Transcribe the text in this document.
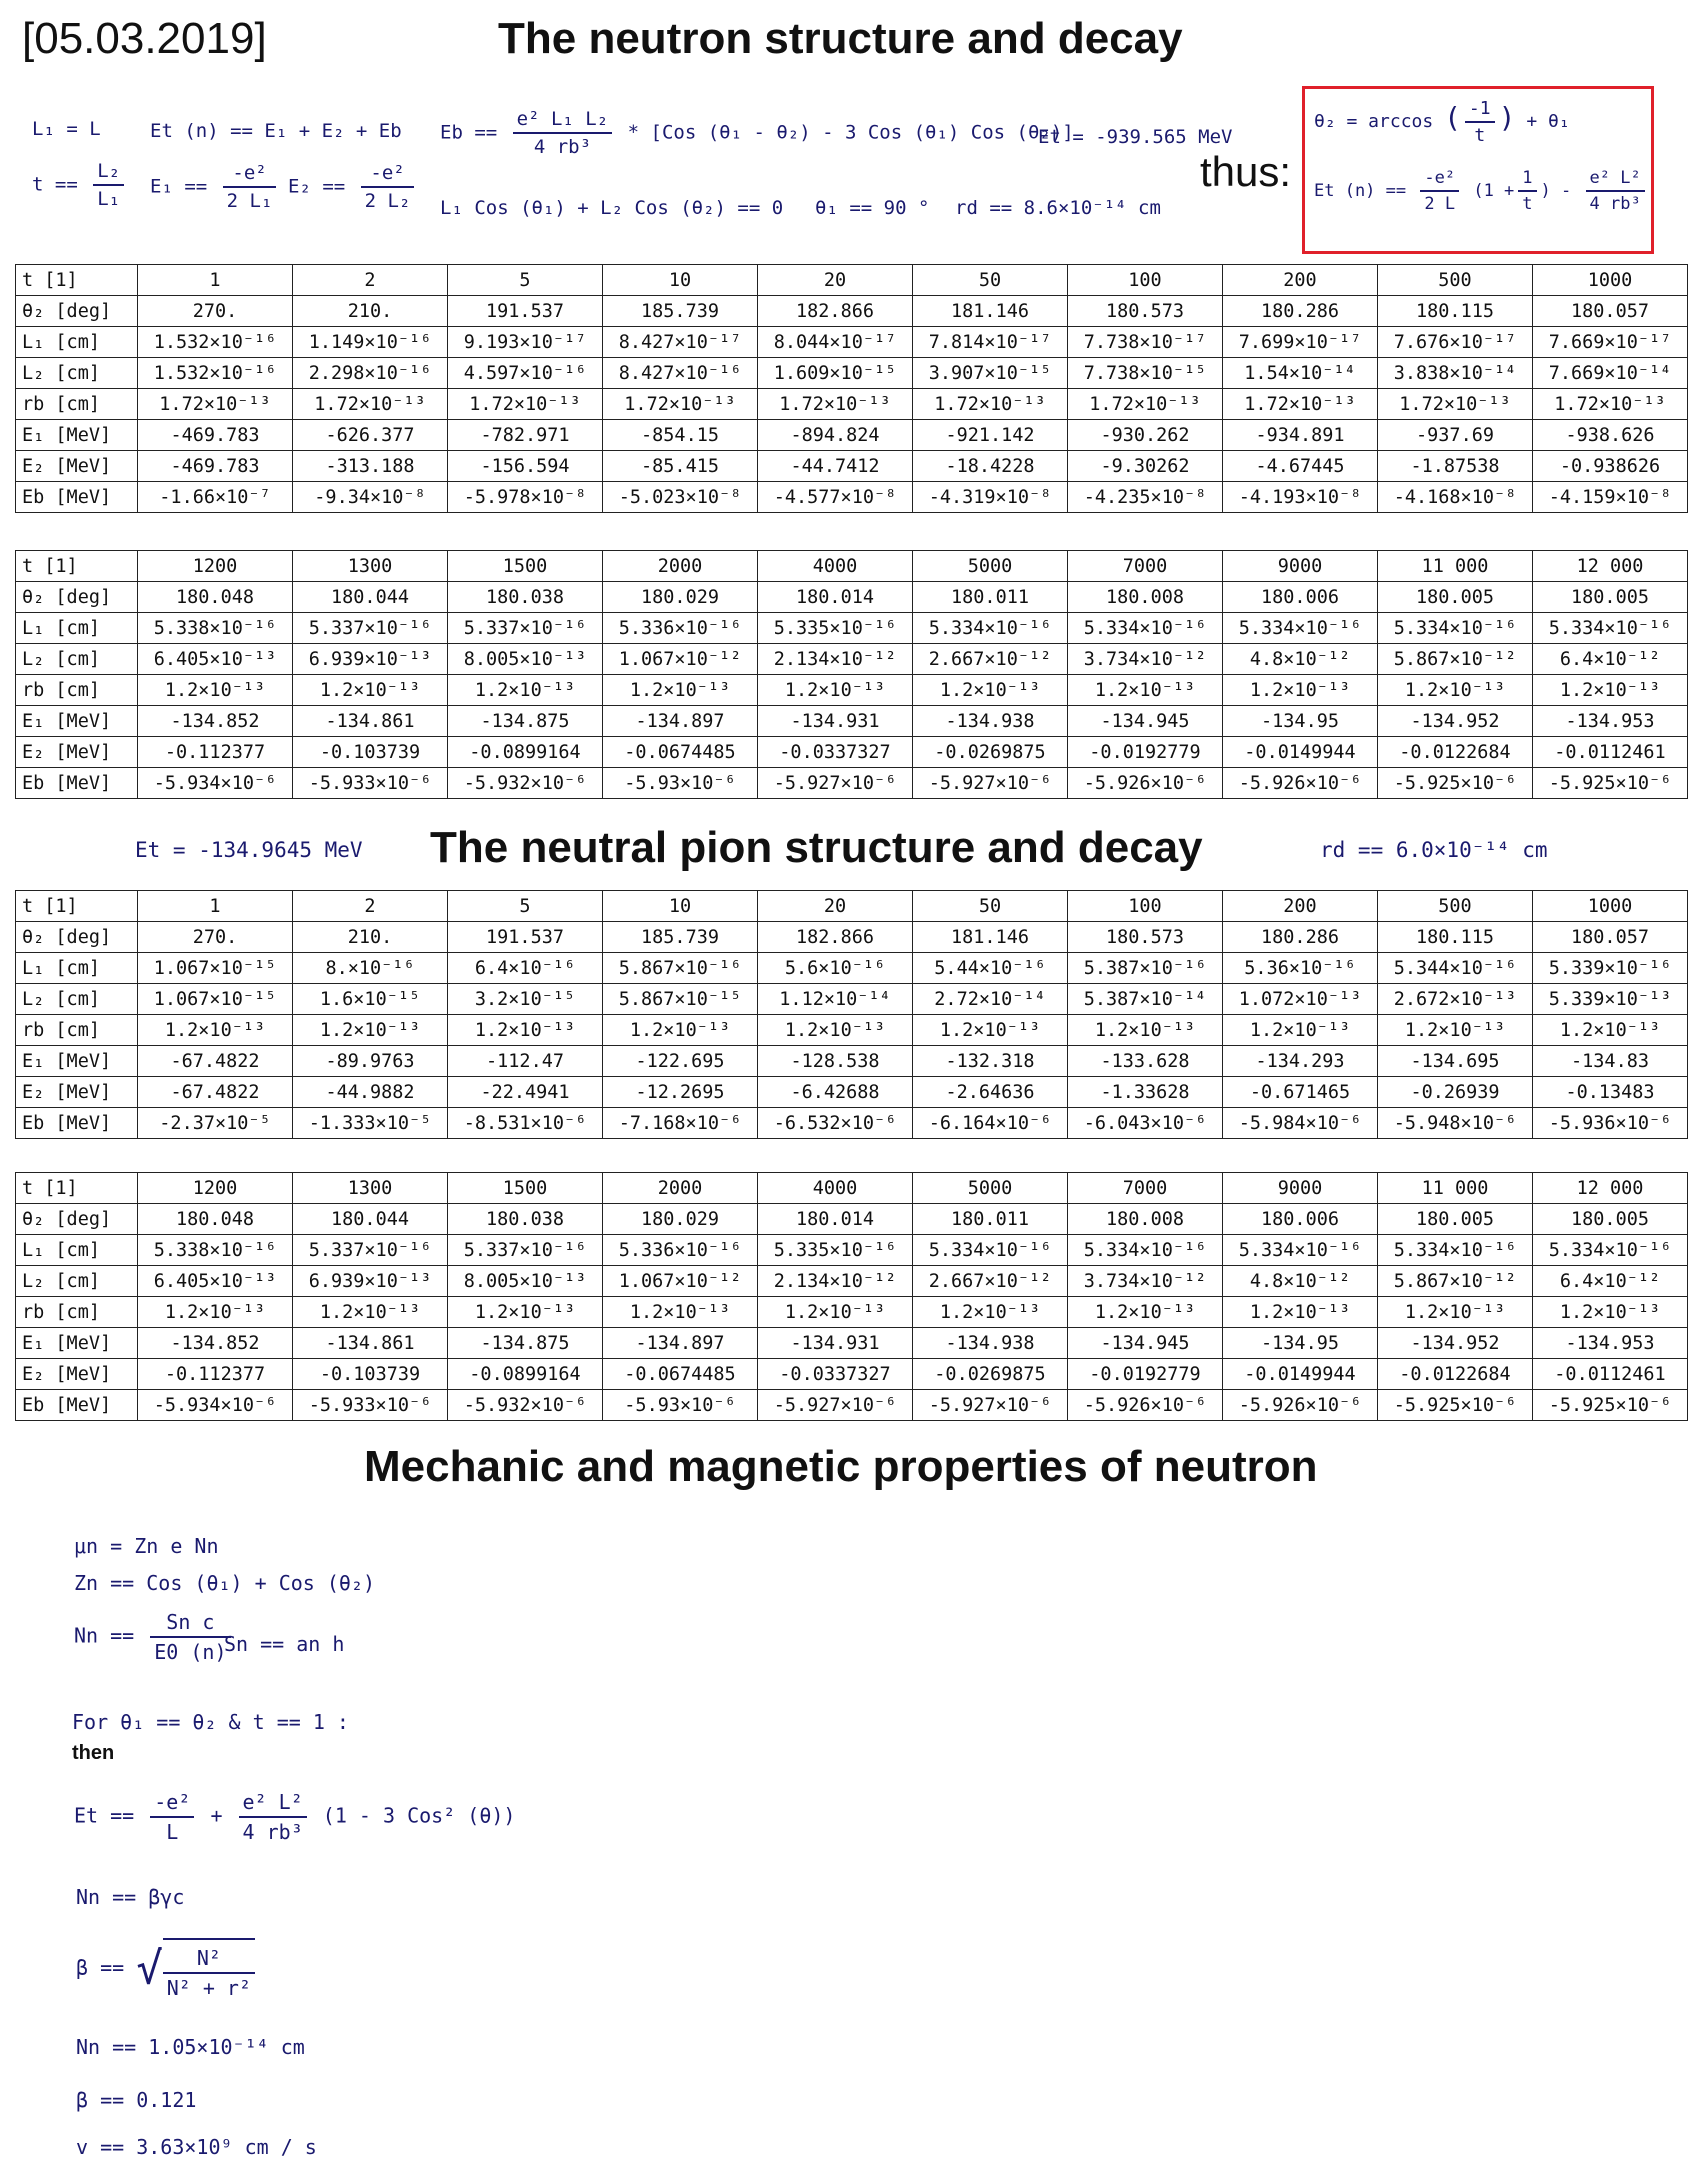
[05.03.2019]	The neutron structure and decay
L₁ = L
$t == \frac{\text{L₂}}{\text{L₁}}$
Et (n) == E₁ + E₂ + Eb
$E_1 == \frac{\text{-e²}}{\text{2 L₁}} E_2 == \frac{\text{-e²}}{\text{2 L₂}}$
$Eb == \frac{\text{e² L₁ L₂}}{\text{4 rb³}} * [Cos$ (θ₁ - θ₂) - 3 Cos (θ₁) Cos (θ₂)]
Et = -939.565 MeV
L₁ Cos (θ₁) + L₂ Cos (θ₂) == 0 θ₁ == 90 ° rd == 8.6×10⁻¹⁴ cm
thus:
θ₂ = arccos ( $\frac{-1}{t}$ ) + θ₁
Et $(n) == \frac{\text{-e²}}{2 L} (1 + \frac{1}{t}$ ) - $\frac{\text{e² L²}}{\text{4 rb³}}$
t [1]	1	2	5	10	20	50	100	200	500	1000
θ₂ [deg]	270.	210.	191.537	185.739	182.866	181.146	180.573	180.286	180.115	180.057
L₁ [cm]	1.532×10⁻¹⁶	1.149×10⁻¹⁶	9.193×10⁻¹⁷	8.427×10⁻¹⁷	8.044×10⁻¹⁷	7.814×10⁻¹⁷	7.738×10⁻¹⁷	7.699×10⁻¹⁷	7.676×10⁻¹⁷	7.669×10⁻¹⁷
L₂ [cm]	1.532×10⁻¹⁶	2.298×10⁻¹⁶	4.597×10⁻¹⁶	8.427×10⁻¹⁶	1.609×10⁻¹⁵	3.907×10⁻¹⁵	7.738×10⁻¹⁵	1.54×10⁻¹⁴	3.838×10⁻¹⁴	7.669×10⁻¹⁴
rb [cm]	1.72×10⁻¹³	1.72×10⁻¹³	1.72×10⁻¹³	1.72×10⁻¹³	1.72×10⁻¹³	1.72×10⁻¹³	1.72×10⁻¹³	1.72×10⁻¹³	1.72×10⁻¹³	1.72×10⁻¹³
E₁ [MeV]	-469.783	-626.377	-782.971	-854.15	-894.824	-921.142	-930.262	-934.891	-937.69	-938.626
E₂ [MeV]	-469.783	-313.188	-156.594	-85.415	-44.7412	-18.4228	-9.30262	-4.67445	-1.87538	-0.938626
Eb [MeV]	-1.66×10⁻⁷	-9.34×10⁻⁸	-5.978×10⁻⁸	-5.023×10⁻⁸	-4.577×10⁻⁸	-4.319×10⁻⁸	-4.235×10⁻⁸	-4.193×10⁻⁸	-4.168×10⁻⁸	-4.159×10⁻⁸
t [1]	1200	1300	1500	2000	4000	5000	7000	9000	11 000	12 000
θ₂ [deg]	180.048	180.044	180.038	180.029	180.014	180.011	180.008	180.006	180.005	180.005
L₁ [cm]	5.338×10⁻¹⁶	5.337×10⁻¹⁶	5.337×10⁻¹⁶	5.336×10⁻¹⁶	5.335×10⁻¹⁶	5.334×10⁻¹⁶	5.334×10⁻¹⁶	5.334×10⁻¹⁶	5.334×10⁻¹⁶	5.334×10⁻¹⁶
L₂ [cm]	6.405×10⁻¹³	6.939×10⁻¹³	8.005×10⁻¹³	1.067×10⁻¹²	2.134×10⁻¹²	2.667×10⁻¹²	3.734×10⁻¹²	4.8×10⁻¹²	5.867×10⁻¹²	6.4×10⁻¹²
rb [cm]	1.2×10⁻¹³	1.2×10⁻¹³	1.2×10⁻¹³	1.2×10⁻¹³	1.2×10⁻¹³	1.2×10⁻¹³	1.2×10⁻¹³	1.2×10⁻¹³	1.2×10⁻¹³	1.2×10⁻¹³
E₁ [MeV]	-134.852	-134.861	-134.875	-134.897	-134.931	-134.938	-134.945	-134.95	-134.952	-134.953
E₂ [MeV]	-0.112377	-0.103739	-0.0899164	-0.0674485	-0.0337327	-0.0269875	-0.0192779	-0.0149944	-0.0122684	-0.0112461
Eb [MeV]	-5.934×10⁻⁶	-5.933×10⁻⁶	-5.932×10⁻⁶	-5.93×10⁻⁶	-5.927×10⁻⁶	-5.927×10⁻⁶	-5.926×10⁻⁶	-5.926×10⁻⁶	-5.925×10⁻⁶	-5.925×10⁻⁶
Et = -134.9645 MeV The neutral pion structure and decay	rd == 6.0×10⁻¹⁴ cm
t [1]	1	2	5	10	20	50	100	200	500	1000
θ₂ [deg]	270.	210.	191.537	185.739	182.866	181.146	180.573	180.286	180.115	180.057
L₁ [cm]	1.067×10⁻¹⁵	8.×10⁻¹⁶	6.4×10⁻¹⁶	5.867×10⁻¹⁶	5.6×10⁻¹⁶	5.44×10⁻¹⁶	5.387×10⁻¹⁶	5.36×10⁻¹⁶	5.344×10⁻¹⁶	5.339×10⁻¹⁶
L₂ [cm]	1.067×10⁻¹⁵	1.6×10⁻¹⁵	3.2×10⁻¹⁵	5.867×10⁻¹⁵	1.12×10⁻¹⁴	2.72×10⁻¹⁴	5.387×10⁻¹⁴	1.072×10⁻¹³	2.672×10⁻¹³	5.339×10⁻¹³
rb [cm]	1.2×10⁻¹³	1.2×10⁻¹³	1.2×10⁻¹³	1.2×10⁻¹³	1.2×10⁻¹³	1.2×10⁻¹³	1.2×10⁻¹³	1.2×10⁻¹³	1.2×10⁻¹³	1.2×10⁻¹³
E₁ [MeV]	-67.4822	-89.9763	-112.47	-122.695	-128.538	-132.318	-133.628	-134.293	-134.695	-134.83
E₂ [MeV]	-67.4822	-44.9882	-22.4941	-12.2695	-6.42688	-2.64636	-1.33628	-0.671465	-0.26939	-0.13483
Eb [MeV]	-2.37×10⁻⁵	-1.333×10⁻⁵	-8.531×10⁻⁶	-7.168×10⁻⁶	-6.532×10⁻⁶	-6.164×10⁻⁶	-6.043×10⁻⁶	-5.984×10⁻⁶	-5.948×10⁻⁶	-5.936×10⁻⁶
t [1]	1200	1300	1500	2000	4000	5000	7000	9000	11 000	12 000
θ₂ [deg]	180.048	180.044	180.038	180.029	180.014	180.011	180.008	180.006	180.005	180.005
L₁ [cm]	5.338×10⁻¹⁶	5.337×10⁻¹⁶	5.337×10⁻¹⁶	5.336×10⁻¹⁶	5.335×10⁻¹⁶	5.334×10⁻¹⁶	5.334×10⁻¹⁶	5.334×10⁻¹⁶	5.334×10⁻¹⁶	5.334×10⁻¹⁶
L₂ [cm]	6.405×10⁻¹³	6.939×10⁻¹³	8.005×10⁻¹³	1.067×10⁻¹²	2.134×10⁻¹²	2.667×10⁻¹²	3.734×10⁻¹²	4.8×10⁻¹²	5.867×10⁻¹²	6.4×10⁻¹²
rb [cm]	1.2×10⁻¹³	1.2×10⁻¹³	1.2×10⁻¹³	1.2×10⁻¹³	1.2×10⁻¹³	1.2×10⁻¹³	1.2×10⁻¹³	1.2×10⁻¹³	1.2×10⁻¹³	1.2×10⁻¹³
E₁ [MeV]	-134.852	-134.861	-134.875	-134.897	-134.931	-134.938	-134.945	-134.95	-134.952	-134.953
E₂ [MeV]	-0.112377	-0.103739	-0.0899164	-0.0674485	-0.0337327	-0.0269875	-0.0192779	-0.0149944	-0.0122684	-0.0112461
Eb [MeV]	-5.934×10⁻⁶	-5.933×10⁻⁶	-5.932×10⁻⁶	-5.93×10⁻⁶	-5.927×10⁻⁶	-5.927×10⁻⁶	-5.926×10⁻⁶	-5.926×10⁻⁶	-5.925×10⁻⁶	-5.925×10⁻⁶
Mechanic and magnetic properties of neutron
μn = Zn e Nn
Zn == Cos (θ₁) + Cos (θ₂)
$Nn == \frac{\text{Sn c}}{E0 (n)}$
Sn == an h
For θ₁ == θ₂ & t == 1 :
then
$Et == \frac{\text{-e²}}{L} + \frac{\text{e² L²}}{\text{4 rb³}} (1 - 3$ Cos² (θ))
Nn == βγc
β == √ $\frac{\text{N²}}{\text{N² + r²}}$
Nn == 1.05×10⁻¹⁴ cm
β == 0.121
v == 3.63×10⁹ cm / s
